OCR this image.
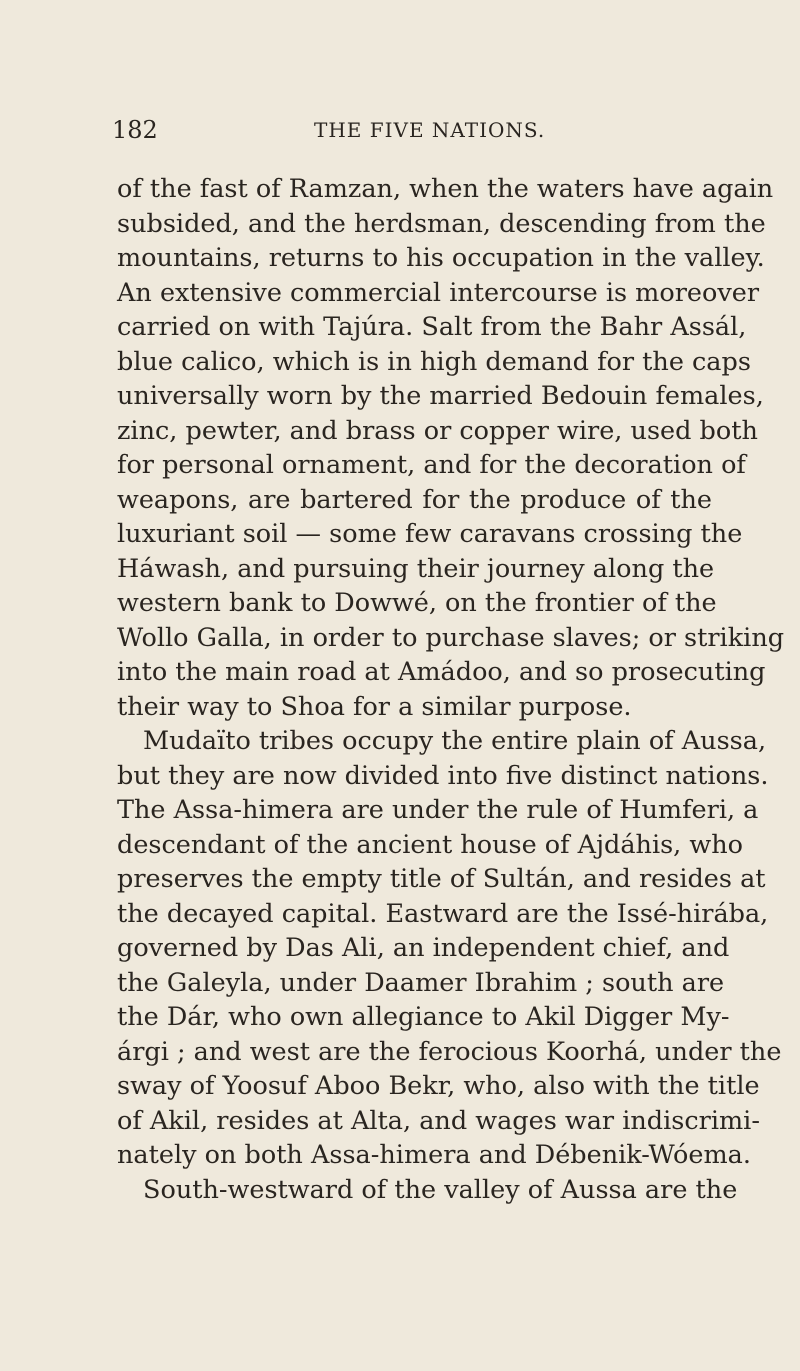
182	THE FIVE NATIONS.
of the fast of Ramzan, when the waters have again
subsided, and the herdsman, descending from the
mountains, returns to his occupation in the valley.
An extensive commercial intercourse is moreover
carried on with Tajúra. Salt from the Bahr Assál,
blue calico, which is in high demand for the caps
universally worn by the married Bedouin females,
zinc, pewter, and brass or copper wire, used both
for personal ornament, and for the decoration of
weapons, are bartered for the produce of the
luxuriant soil — some few caravans crossing the
Háwash, and pursuing their journey along the
western bank to Dowwé, on the frontier of the
Wollo Galla, in order to purchase slaves; or striking
into the main road at Amádoo, and so prosecuting
their way to Shoa for a similar purpose.
Mudaïto tribes occupy the entire plain of Aussa,
but they are now divided into five distinct nations.
The Assa-himera are under the rule of Humferi, a
descendant of the ancient house of Ajdáhis, who
preserves the empty title of Sultán, and resides at
the decayed capital. Eastward are the Issé-hirába,
governed by Das Ali, an independent chief, and
the Galeyla, under Daamer Ibrahim ; south are
the Dár, who own allegiance to Akil Digger My-
árgi ; and west are the ferocious Koorhá, under the
sway of Yoosuf Aboo Bekr, who, also with the title
of Akil, resides at Alta, and wages war indiscrimi-
nately on both Assa-himera and Débenik-Wóema.
South-westward of the valley of Aussa are the
